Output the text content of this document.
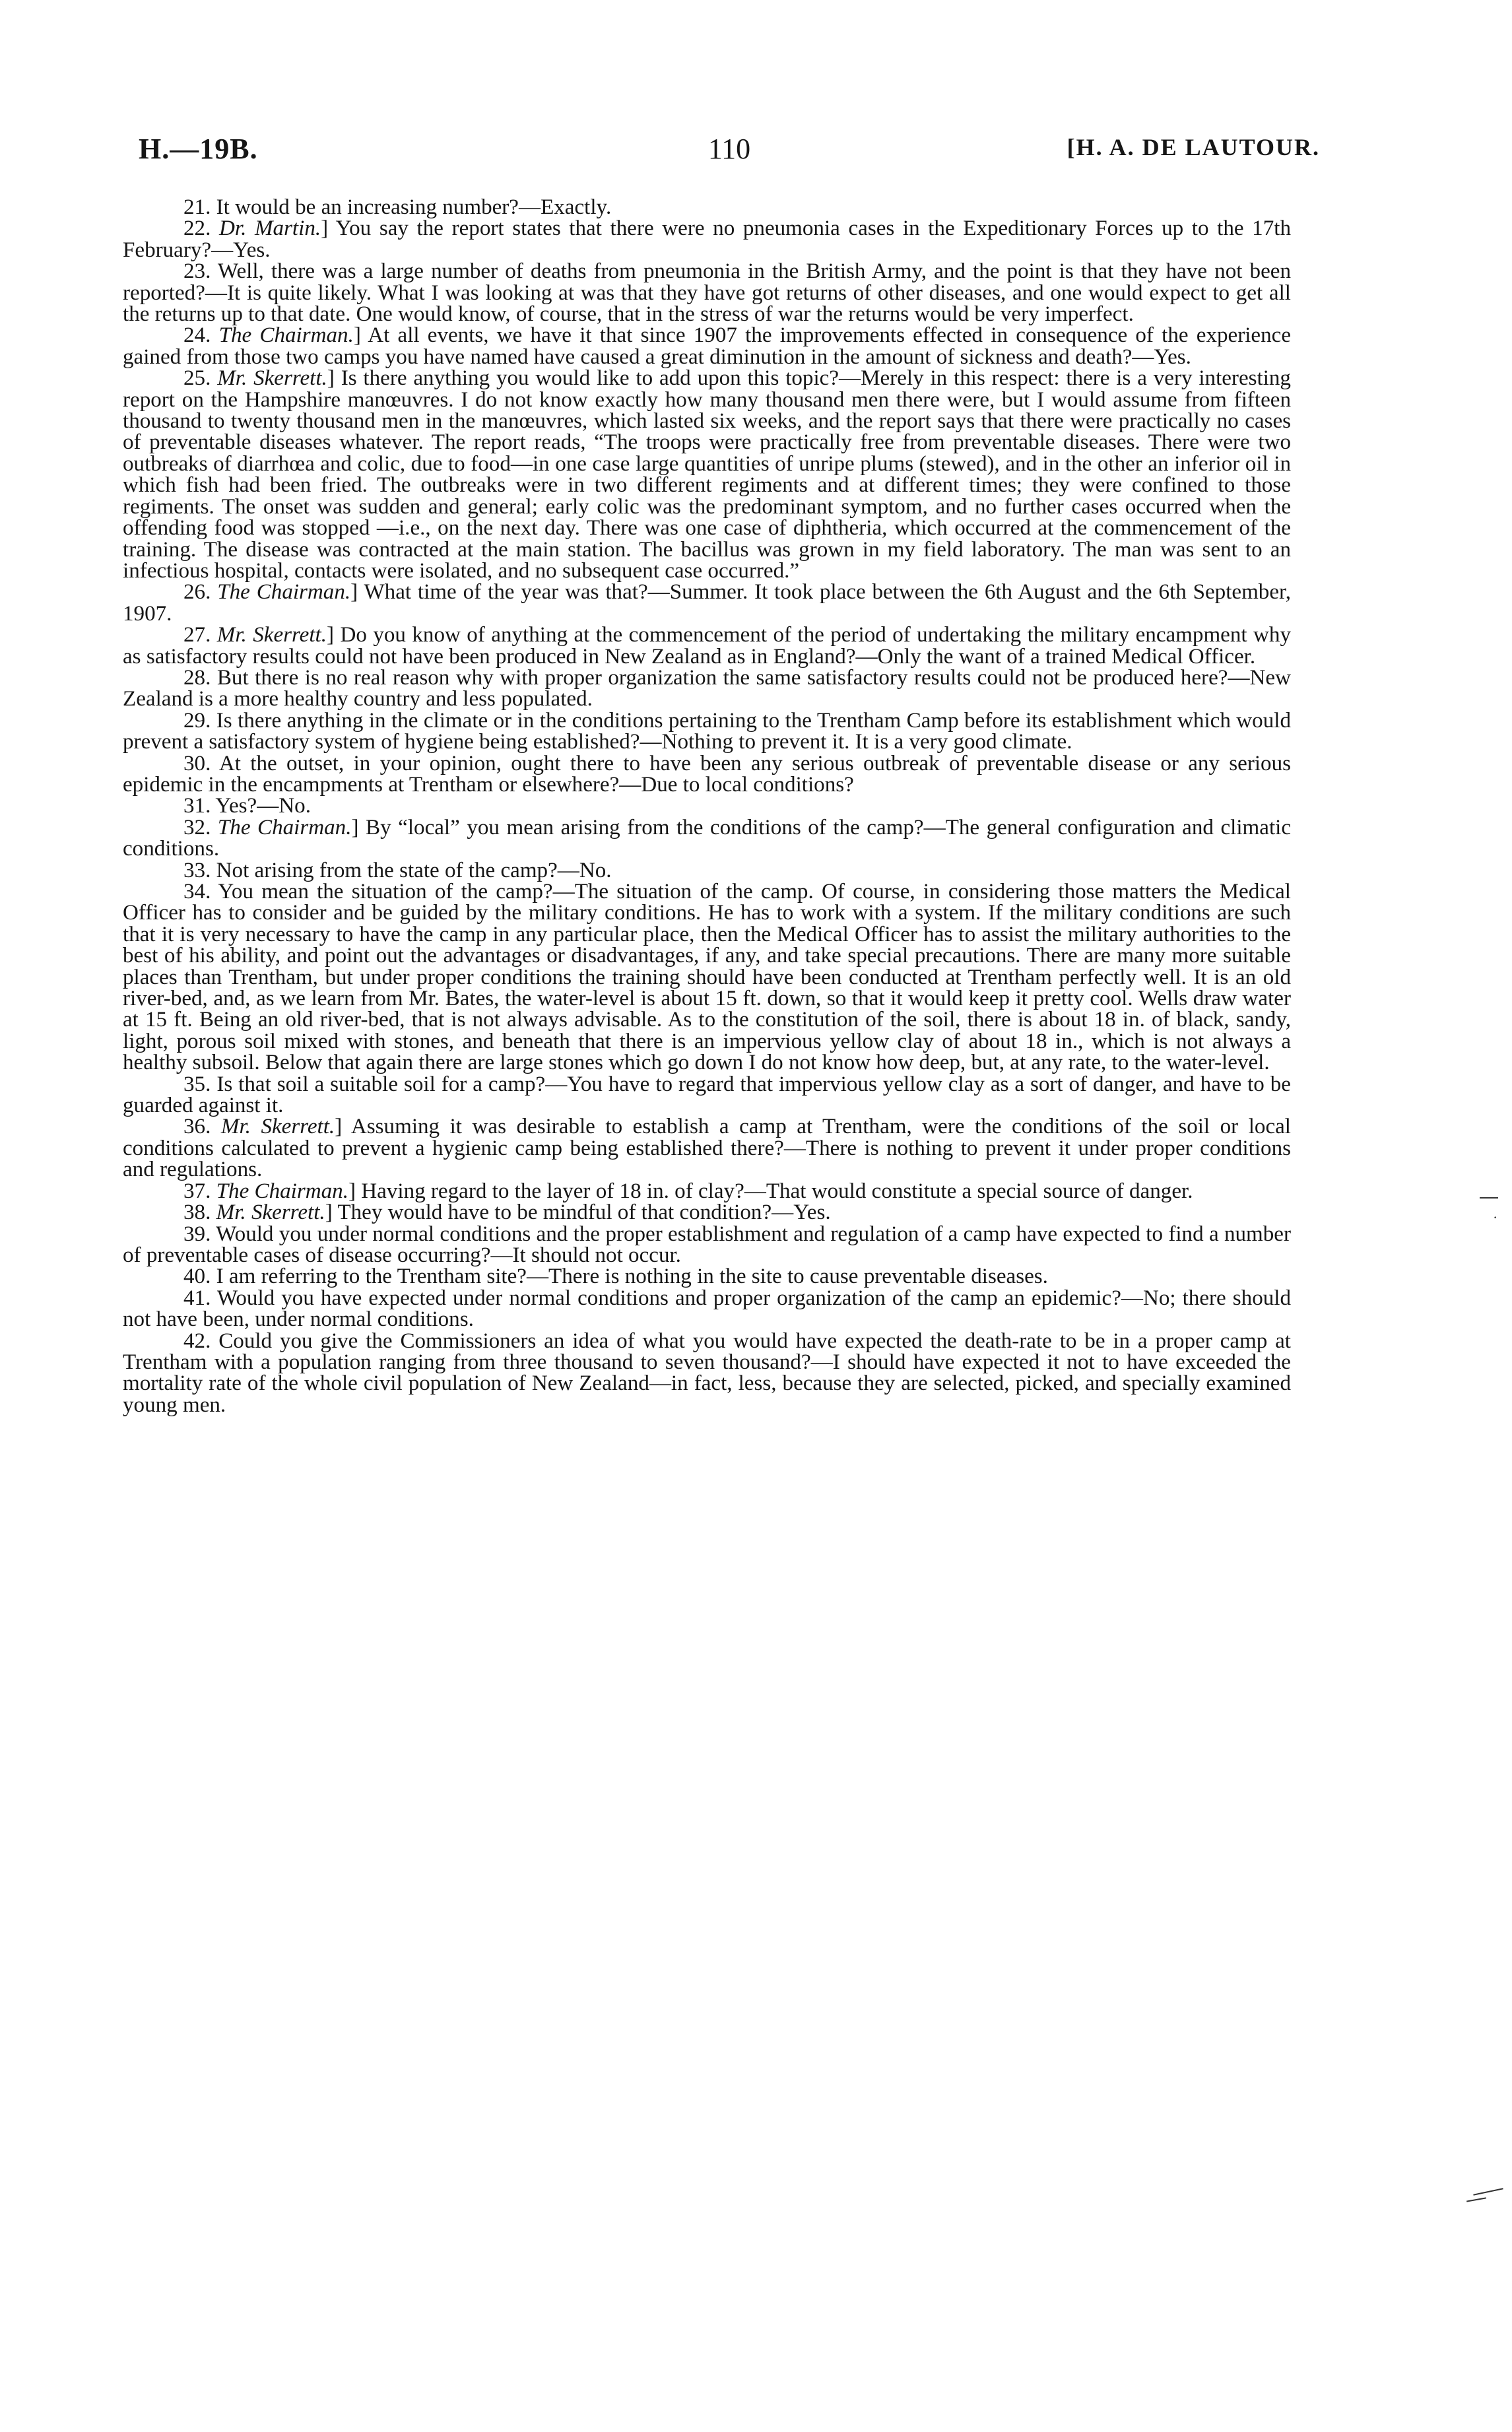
H.—19B.	110	[H. A. DE LAUTOUR.

21. It would be an increasing number?—Exactly.

22. Dr. Martin.] You say the report states that there were no pneumonia cases in the Expeditionary Forces up to the 17th February?—Yes.

23. Well, there was a large number of deaths from pneumonia in the British Army, and the point is that they have not been reported?—It is quite likely. What I was looking at was that they have got returns of other diseases, and one would expect to get all the returns up to that date. One would know, of course, that in the stress of war the returns would be very imperfect.

24. The Chairman.] At all events, we have it that since 1907 the improvements effected in consequence of the experience gained from those two camps you have named have caused a great diminution in the amount of sickness and death?—Yes.

25. Mr. Skerrett.] Is there anything you would like to add upon this topic?—Merely in this respect: there is a very interesting report on the Hampshire manœuvres. I do not know exactly how many thousand men there were, but I would assume from fifteen thousand to twenty thousand men in the manœuvres, which lasted six weeks, and the report says that there were practically no cases of preventable diseases whatever. The report reads, “The troops were practically free from preventable diseases. There were two outbreaks of diarrhœa and colic, due to food—in one case large quantities of unripe plums (stewed), and in the other an inferior oil in which fish had been fried. The outbreaks were in two different regiments and at different times; they were confined to those regiments. The onset was sudden and general; early colic was the predominant symptom, and no further cases occurred when the offending food was stopped —i.e., on the next day. There was one case of diphtheria, which occurred at the commencement of the training. The disease was contracted at the main station. The bacillus was grown in my field laboratory. The man was sent to an infectious hospital, contacts were isolated, and no subsequent case occurred.”

26. The Chairman.] What time of the year was that?—Summer. It took place between the 6th August and the 6th September, 1907.

27. Mr. Skerrett.] Do you know of anything at the commencement of the period of undertaking the military encampment why as satisfactory results could not have been produced in New Zealand as in England?—Only the want of a trained Medical Officer.

28. But there is no real reason why with proper organization the same satisfactory results could not be produced here?—New Zealand is a more healthy country and less populated.

29. Is there anything in the climate or in the conditions pertaining to the Trentham Camp before its establishment which would prevent a satisfactory system of hygiene being established?—Nothing to prevent it. It is a very good climate.

30. At the outset, in your opinion, ought there to have been any serious outbreak of preventable disease or any serious epidemic in the encampments at Trentham or elsewhere?—Due to local conditions?

31. Yes?—No.

32. The Chairman.] By “local” you mean arising from the conditions of the camp?—The general configuration and climatic conditions.

33. Not arising from the state of the camp?—No.

34. You mean the situation of the camp?—The situation of the camp. Of course, in considering those matters the Medical Officer has to consider and be guided by the military conditions. He has to work with a system. If the military conditions are such that it is very necessary to have the camp in any particular place, then the Medical Officer has to assist the military authorities to the best of his ability, and point out the advantages or disadvantages, if any, and take special precautions. There are many more suitable places than Trentham, but under proper conditions the training should have been conducted at Trentham perfectly well. It is an old river-bed, and, as we learn from Mr. Bates, the water-level is about 15 ft. down, so that it would keep it pretty cool. Wells draw water at 15 ft. Being an old river-bed, that is not always advisable. As to the constitution of the soil, there is about 18 in. of black, sandy, light, porous soil mixed with stones, and beneath that there is an impervious yellow clay of about 18 in., which is not always a healthy subsoil. Below that again there are large stones which go down I do not know how deep, but, at any rate, to the water-level.

35. Is that soil a suitable soil for a camp?—You have to regard that impervious yellow clay as a sort of danger, and have to be guarded against it.

36. Mr. Skerrett.] Assuming it was desirable to establish a camp at Trentham, were the conditions of the soil or local conditions calculated to prevent a hygienic camp being established there?—There is nothing to prevent it under proper conditions and regulations.

37. The Chairman.] Having regard to the layer of 18 in. of clay?—That would constitute a special source of danger.

38. Mr. Skerrett.] They would have to be mindful of that condition?—Yes.

39. Would you under normal conditions and the proper establishment and regulation of a camp have expected to find a number of preventable cases of disease occurring?—It should not occur.

40. I am referring to the Trentham site?—There is nothing in the site to cause preventable diseases.

41. Would you have expected under normal conditions and proper organization of the camp an epidemic?—No; there should not have been, under normal conditions.

42. Could you give the Commissioners an idea of what you would have expected the death-rate to be in a proper camp at Trentham with a population ranging from three thousand to seven thousand?—I should have expected it not to have exceeded the mortality rate of the whole civil population of New Zealand—in fact, less, because they are selected, picked, and specially examined young men.

·
